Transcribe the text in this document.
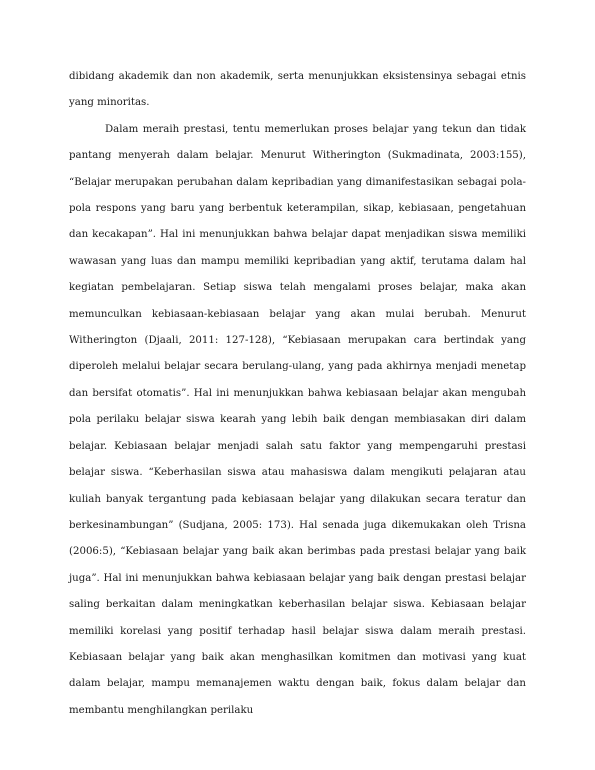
dibidang akademik dan non akademik, serta menunjukkan eksistensinya sebagai etnis yang minoritas.

Dalam meraih prestasi, tentu memerlukan proses belajar yang tekun dan tidak pantang menyerah dalam belajar. Menurut Witherington (Sukmadinata, 2003:155), “Belajar merupakan perubahan dalam kepribadian yang dimanifestasikan sebagai pola-pola respons yang baru yang berbentuk keterampilan, sikap, kebiasaan, pengetahuan dan kecakapan”. Hal ini menunjukkan bahwa belajar dapat menjadikan siswa memiliki wawasan yang luas dan mampu memiliki kepribadian yang aktif, terutama dalam hal kegiatan pembelajaran. Setiap siswa telah mengalami proses belajar, maka akan memunculkan kebiasaan-kebiasaan belajar yang akan mulai berubah. Menurut Witherington (Djaali, 2011: 127-128), “Kebiasaan merupakan cara bertindak yang diperoleh melalui belajar secara berulang-ulang, yang pada akhirnya menjadi menetap dan bersifat otomatis”. Hal ini menunjukkan bahwa kebiasaan belajar akan mengubah pola perilaku belajar siswa kearah yang lebih baik dengan membiasakan diri dalam belajar. Kebiasaan belajar menjadi salah satu faktor yang mempengaruhi prestasi belajar siswa. “Keberhasilan siswa atau mahasiswa dalam mengikuti pelajaran atau kuliah banyak tergantung pada kebiasaan belajar yang dilakukan secara teratur dan berkesinambungan” (Sudjana, 2005: 173). Hal senada juga dikemukakan oleh Trisna (2006:5), “Kebiasaan belajar yang baik akan berimbas pada prestasi belajar yang baik juga”. Hal ini menunjukkan bahwa kebiasaan belajar yang baik dengan prestasi belajar saling berkaitan dalam meningkatkan keberhasilan belajar siswa. Kebiasaan belajar memiliki korelasi yang positif terhadap hasil belajar siswa dalam meraih prestasi. Kebiasaan belajar yang baik akan menghasilkan komitmen dan motivasi yang kuat dalam belajar, mampu memanajemen waktu dengan baik, fokus dalam belajar dan membantu menghilangkan perilaku
